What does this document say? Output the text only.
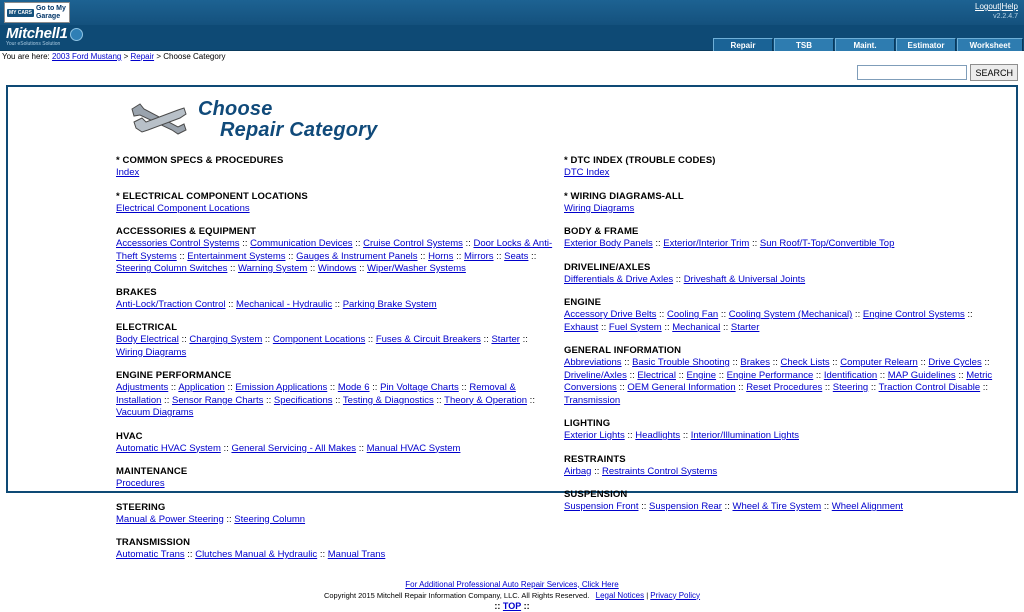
MY CARS
Go to My
Garage
Logout|Help
v2.2.4.7
Mitchell1
Your eSolutions Solution	Repair	TSB	Maint.	Estimator	Worksheet
You are here: 2003 Ford Mustang > Repair > Choose Category
SEARCH
Choose
Repair Category
* COMMON SPECS & PROCEDURES
Index
* ELECTRICAL COMPONENT LOCATIONS
Electrical Component Locations
ACCESSORIES & EQUIPMENT
Accessories Control Systems :: Communication Devices :: Cruise Control Systems :: Door Locks & Anti-Theft Systems :: Entertainment Systems :: Gauges & Instrument Panels :: Horns :: Mirrors :: Seats :: Steering Column Switches :: Warning System :: Windows :: Wiper/Washer Systems
BRAKES
Anti-Lock/Traction Control :: Mechanical - Hydraulic :: Parking Brake System
ELECTRICAL
Body Electrical :: Charging System :: Component Locations :: Fuses & Circuit Breakers :: Starter :: Wiring Diagrams
ENGINE PERFORMANCE
Adjustments :: Application :: Emission Applications :: Mode 6 :: Pin Voltage Charts :: Removal & Installation :: Sensor Range Charts :: Specifications :: Testing & Diagnostics :: Theory & Operation :: Vacuum Diagrams
HVAC
Automatic HVAC System :: General Servicing - All Makes :: Manual HVAC System
MAINTENANCE
Procedures
STEERING
Manual & Power Steering :: Steering Column
TRANSMISSION
Automatic Trans :: Clutches Manual & Hydraulic :: Manual Trans
* DTC INDEX (TROUBLE CODES)
DTC Index
* WIRING DIAGRAMS-ALL
Wiring Diagrams
BODY & FRAME
Exterior Body Panels :: Exterior/Interior Trim :: Sun Roof/T-Top/Convertible Top
DRIVELINE/AXLES
Differentials & Drive Axles :: Driveshaft & Universal Joints
ENGINE
Accessory Drive Belts :: Cooling Fan :: Cooling System (Mechanical) :: Engine Control Systems :: Exhaust :: Fuel System :: Mechanical :: Starter
GENERAL INFORMATION
Abbreviations :: Basic Trouble Shooting :: Brakes :: Check Lists :: Computer Relearn :: Drive Cycles :: Driveline/Axles :: Electrical :: Engine :: Engine Performance :: Identification :: MAP Guidelines :: Metric Conversions :: OEM General Information :: Reset Procedures :: Steering :: Traction Control Disable :: Transmission
LIGHTING
Exterior Lights :: Headlights :: Interior/Illumination Lights
RESTRAINTS
Airbag :: Restraints Control Systems
SUSPENSION
Suspension Front :: Suspension Rear :: Wheel & Tire System :: Wheel Alignment
For Additional Professional Auto Repair Services, Click Here
Copyright 2015 Mitchell Repair Information Company, LLC. All Rights Reserved. Legal Notices | Privacy Policy
:: TOP ::
